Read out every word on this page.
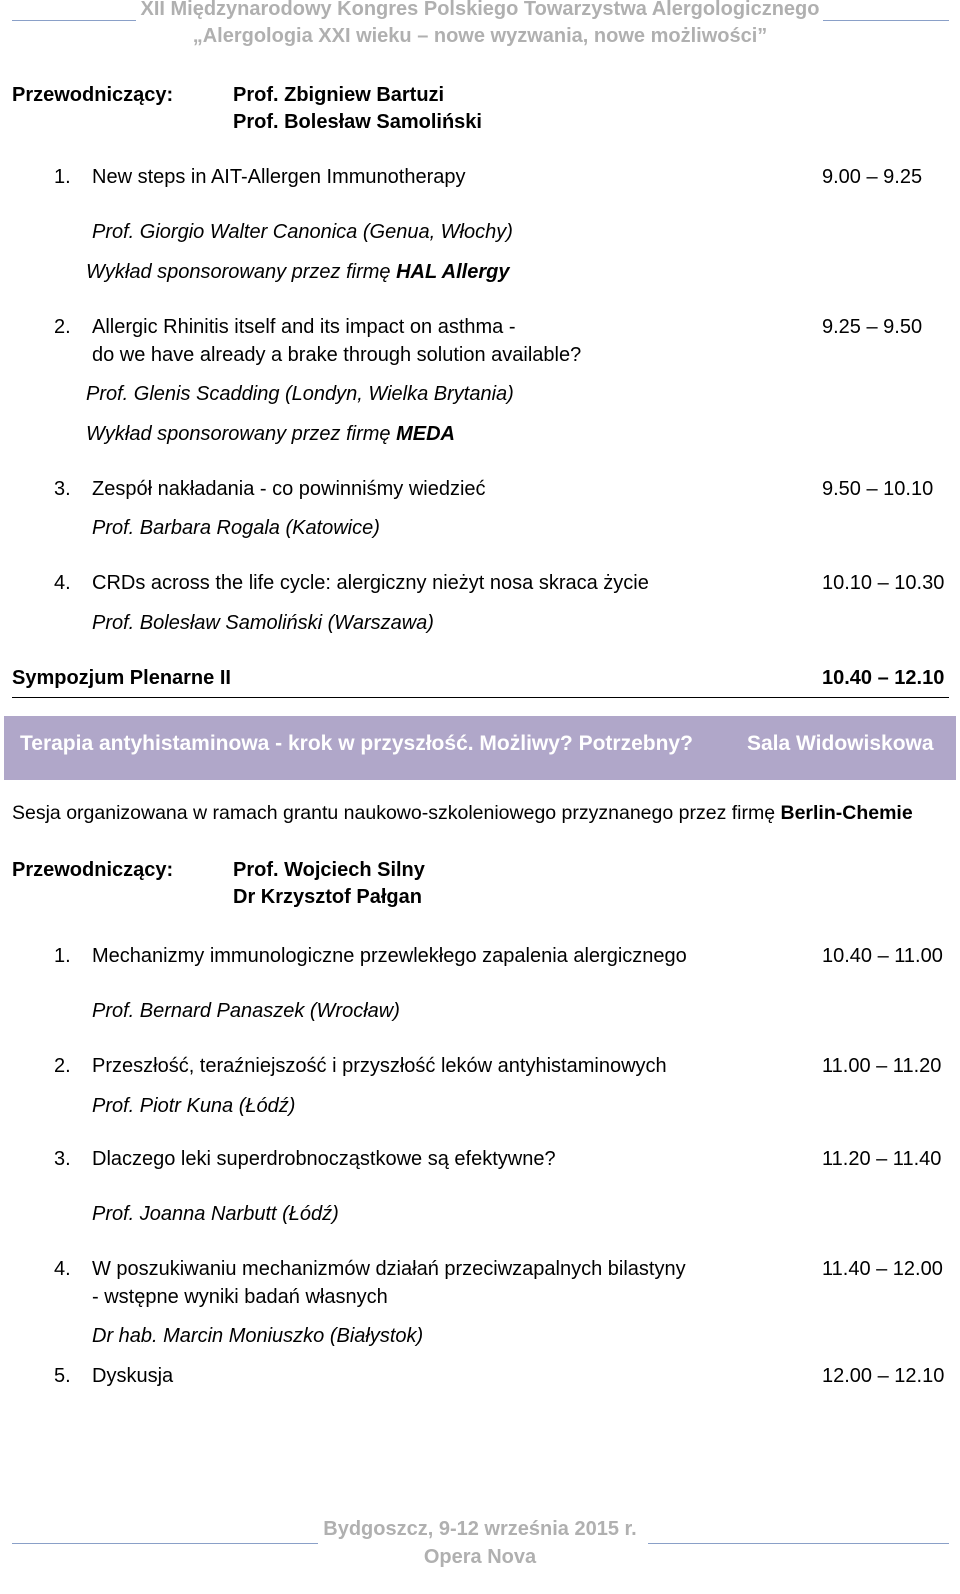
XII Międzynarodowy Kongres Polskiego Towarzystwa Alergologicznego
„Alergologia XXI wieku – nowe wyzwania, nowe możliwości”
Przewodniczący:	Prof. Zbigniew Bartuzi
Prof. Bolesław Samoliński
1. New steps in AIT-Allergen Immunotherapy	9.00 – 9.25
Prof. Giorgio Walter Canonica (Genua, Włochy)
Wykład sponsorowany przez firmę HAL Allergy
2. Allergic Rhinitis itself and its impact on asthma -
do we have already a brake through solution available?
9.25 – 9.50
Prof. Glenis Scadding (Londyn, Wielka Brytania)
Wykład sponsorowany przez firmę MEDA
3. Zespół nakładania - co powinniśmy wiedzieć	9.50 – 10.10
Prof. Barbara Rogala (Katowice)
4. CRDs across the life cycle: alergiczny nieżyt nosa skraca życie	10.10 – 10.30
Prof. Bolesław Samoliński (Warszawa)
Sympozjum Plenarne II	10.40 – 12.10
Terapia antyhistaminowa - krok w przyszłość. Możliwy? Potrzebny?	Sala Widowiskowa
Sesja organizowana w ramach grantu naukowo-szkoleniowego przyznanego przez firmę Berlin-Chemie
Przewodniczący:	Prof. Wojciech Silny
Dr Krzysztof Pałgan
1. Mechanizmy immunologiczne przewlekłego zapalenia alergicznego	10.40 – 11.00
Prof. Bernard Panaszek (Wrocław)
2. Przeszłość, teraźniejszość i przyszłość leków antyhistaminowych	11.00 – 11.20
Prof. Piotr Kuna (Łódź)
3. Dlaczego leki superdrobnocząstkowe są efektywne?	11.20 – 11.40
Prof. Joanna Narbutt (Łódź)
4. W poszukiwaniu mechanizmów działań przeciwzapalnych bilastyny
- wstępne wyniki badań własnych
11.40 – 12.00
Dr hab. Marcin Moniuszko (Białystok)
5. Dyskusja	12.00 – 12.10
Bydgoszcz, 9-12 września 2015 r.
Opera Nova
